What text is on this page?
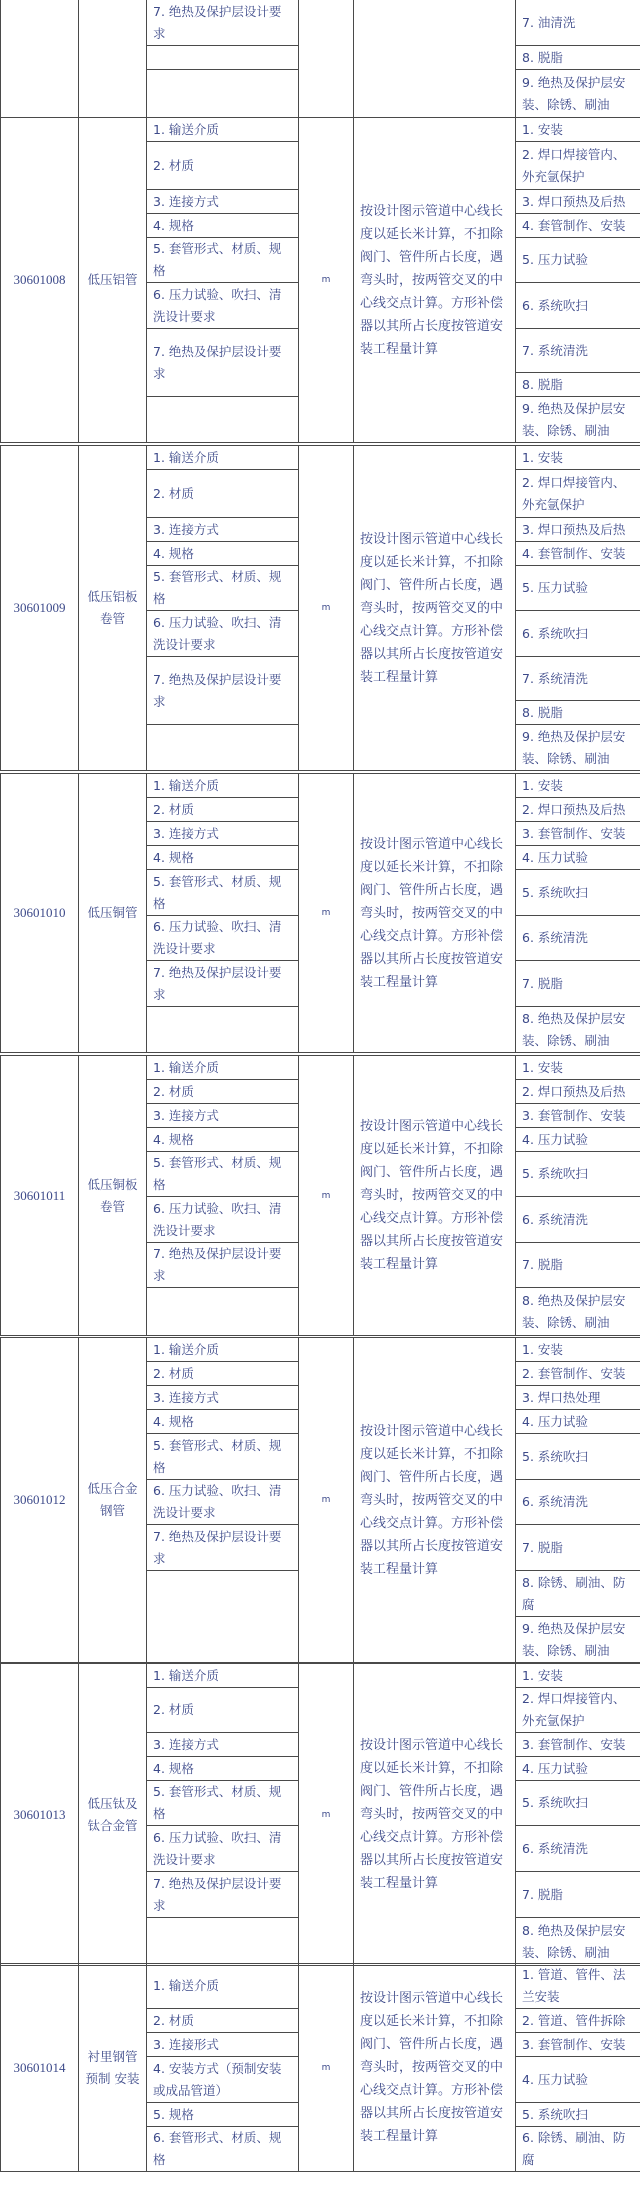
		7. 绝热及保护层设计要求			7. 油清洗
					8. 脱脂
					9. 绝热及保护层安装、除锈、刷油
30601008	低压铝管	1. 输送介质	m	按设计图示管道中心线长度以延长米计算，不扣除阀门、管件所占长度，遇弯头时，按两管交叉的中心线交点计算。方形补偿器以其所占长度按管道安装工程量计算	1. 安装
		2. 材质			2. 焊口焊接管内、外充氩保护
		3. 连接方式			3. 焊口预热及后热
		4. 规格			4. 套管制作、安装
		5. 套管形式、材质、规格			5. 压力试验
		6. 压力试验、吹扫、清洗设计要求			6. 系统吹扫
		7. 绝热及保护层设计要求			7. 系统清洗
					8. 脱脂
					9. 绝热及保护层安装、除锈、刷油
30601009	低压铝板卷管	1. 输送介质	m	按设计图示管道中心线长度以延长米计算，不扣除阀门、管件所占长度，遇弯头时，按两管交叉的中心线交点计算。方形补偿器以其所占长度按管道安装工程量计算	1. 安装
		2. 材质			2. 焊口焊接管内、外充氩保护
		3. 连接方式			3. 焊口预热及后热
		4. 规格			4. 套管制作、安装
		5. 套管形式、材质、规格			5. 压力试验
		6. 压力试验、吹扫、清洗设计要求			6. 系统吹扫
		7. 绝热及保护层设计要求			7. 系统清洗
					8. 脱脂
					9. 绝热及保护层安装、除锈、刷油
30601010	低压铜管	1. 输送介质	m	按设计图示管道中心线长度以延长米计算，不扣除阀门、管件所占长度，遇弯头时，按两管交叉的中心线交点计算。方形补偿器以其所占长度按管道安装工程量计算	1. 安装
		2. 材质			2. 焊口预热及后热
		3. 连接方式			3. 套管制作、安装
		4. 规格			4. 压力试验
		5. 套管形式、材质、规格			5. 系统吹扫
		6. 压力试验、吹扫、清洗设计要求			6. 系统清洗
		7. 绝热及保护层设计要求			7. 脱脂
					8. 绝热及保护层安装、除锈、刷油
30601011	低压铜板卷管	1. 输送介质	m	按设计图示管道中心线长度以延长米计算，不扣除阀门、管件所占长度，遇弯头时，按两管交叉的中心线交点计算。方形补偿器以其所占长度按管道安装工程量计算	1. 安装
		2. 材质			2. 焊口预热及后热
		3. 连接方式			3. 套管制作、安装
		4. 规格			4. 压力试验
		5. 套管形式、材质、规格			5. 系统吹扫
		6. 压力试验、吹扫、清洗设计要求			6. 系统清洗
		7. 绝热及保护层设计要求			7. 脱脂
					8. 绝热及保护层安装、除锈、刷油
30601012	低压合金钢管	1. 输送介质	m	按设计图示管道中心线长度以延长米计算，不扣除阀门、管件所占长度，遇弯头时，按两管交叉的中心线交点计算。方形补偿器以其所占长度按管道安装工程量计算	1. 安装
		2. 材质			2. 套管制作、安装
		3. 连接方式			3. 焊口热处理
		4. 规格			4. 压力试验
		5. 套管形式、材质、规格			5. 系统吹扫
		6. 压力试验、吹扫、清洗设计要求			6. 系统清洗
		7. 绝热及保护层设计要求			7. 脱脂
					8. 除锈、刷油、防腐
					9. 绝热及保护层安装、除锈、刷油
30601013	低压钛及钛合金管	1. 输送介质	m	按设计图示管道中心线长度以延长米计算，不扣除阀门、管件所占长度，遇弯头时，按两管交叉的中心线交点计算。方形补偿器以其所占长度按管道安装工程量计算	1. 安装
		2. 材质			2. 焊口焊接管内、外充氩保护
		3. 连接方式			3. 套管制作、安装
		4. 规格			4. 压力试验
		5. 套管形式、材质、规格			5. 系统吹扫
		6. 压力试验、吹扫、清洗设计要求			6. 系统清洗
		7. 绝热及保护层设计要求			7. 脱脂
					8. 绝热及保护层安装、除锈、刷油
30601014	衬里钢管预制 安装	1. 输送介质	m	按设计图示管道中心线长度以延长米计算，不扣除阀门、管件所占长度，遇弯头时，按两管交叉的中心线交点计算。方形补偿器以其所占长度按管道安装工程量计算	1. 管道、管件、法兰安装
		2. 材质			2. 管道、管件拆除
		3. 连接形式			3. 套管制作、安装
		4. 安装方式（预制安装或成品管道）			4. 压力试验
		5. 规格			5. 系统吹扫
		6. 套管形式、材质、规格			6. 除锈、刷油、防腐
